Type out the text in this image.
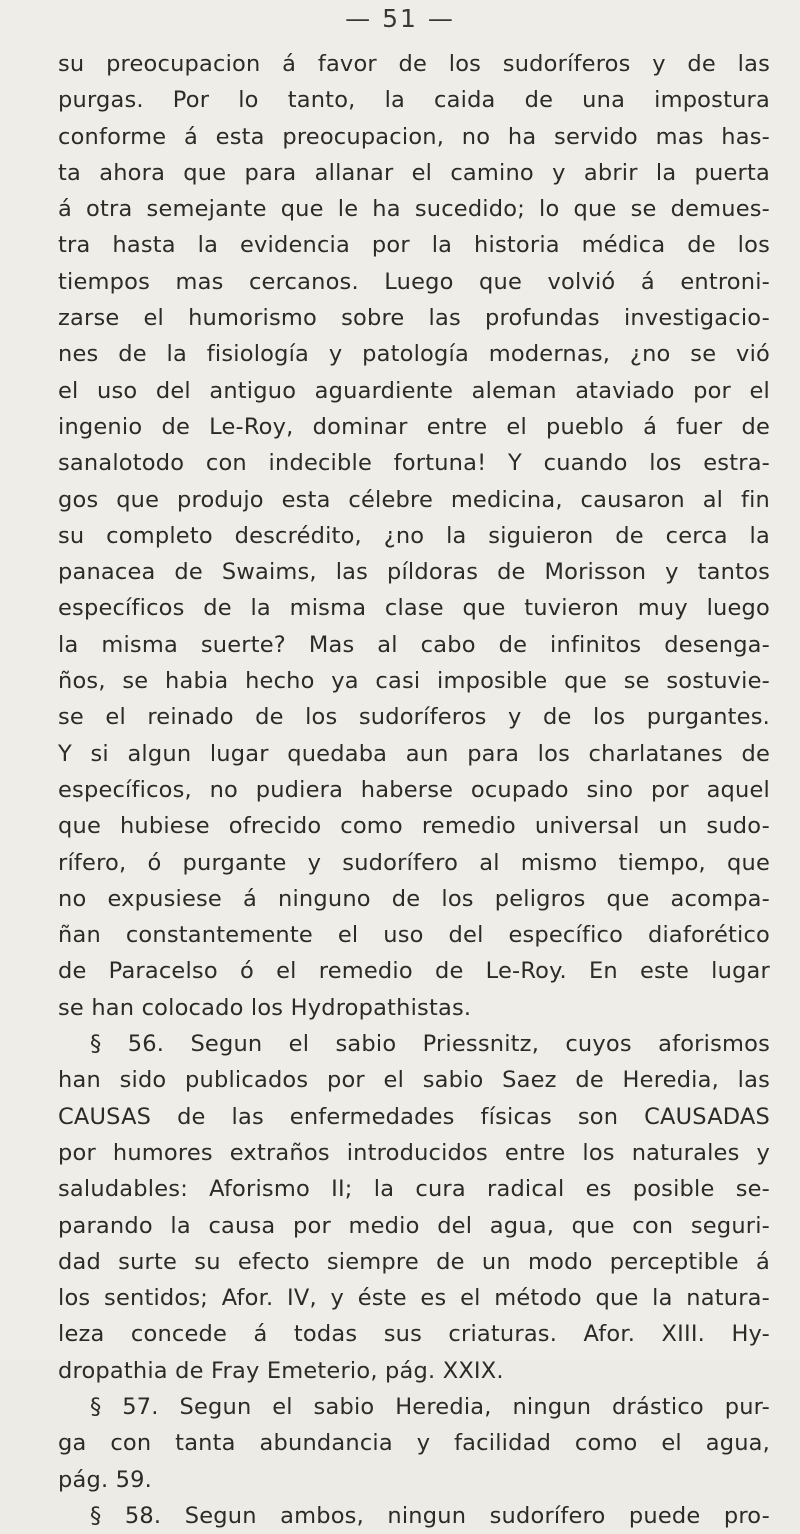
— 51 —
su preocupacion á favor de los sudoríferos y de las
purgas. Por lo tanto, la caida de una impostura
conforme á esta preocupacion, no ha servido mas has-
ta ahora que para allanar el camino y abrir la puerta
á otra semejante que le ha sucedido; lo que se demues-
tra hasta la evidencia por la historia médica de los
tiempos mas cercanos. Luego que volvió á entroni-
zarse el humorismo sobre las profundas investigacio-
nes de la fisiología y patología modernas, ¿no se vió
el uso del antiguo aguardiente aleman ataviado por el
ingenio de Le-Roy, dominar entre el pueblo á fuer de
sanalotodo con indecible fortuna! Y cuando los estra-
gos que produjo esta célebre medicina, causaron al fin
su completo descrédito, ¿no la siguieron de cerca la
panacea de Swaims, las píldoras de Morisson y tantos
específicos de la misma clase que tuvieron muy luego
la misma suerte? Mas al cabo de infinitos desenga-
ños, se habia hecho ya casi imposible que se sostuvie-
se el reinado de los sudoríferos y de los purgantes.
Y si algun lugar quedaba aun para los charlatanes de
específicos, no pudiera haberse ocupado sino por aquel
que hubiese ofrecido como remedio universal un sudo-
rífero, ó purgante y sudorífero al mismo tiempo, que
no expusiese á ninguno de los peligros que acompa-
ñan constantemente el uso del específico diaforético
de Paracelso ó el remedio de Le-Roy. En este lugar
se han colocado los Hydropathistas.
§ 56. Segun el sabio Priessnitz, cuyos aforismos
han sido publicados por el sabio Saez de Heredia, las
CAUSAS de las enfermedades físicas son CAUSADAS
por humores extraños introducidos entre los naturales y
saludables: Aforismo II; la cura radical es posible se-
parando la causa por medio del agua, que con seguri-
dad surte su efecto siempre de un modo perceptible á
los sentidos; Afor. IV, y éste es el método que la natura-
leza concede á todas sus criaturas. Afor. XIII. Hy-
dropathia de Fray Emeterio, pág. XXIX.
§ 57. Segun el sabio Heredia, ningun drástico pur-
ga con tanta abundancia y facilidad como el agua,
pág. 59.
§ 58. Segun ambos, ningun sudorífero puede pro-
